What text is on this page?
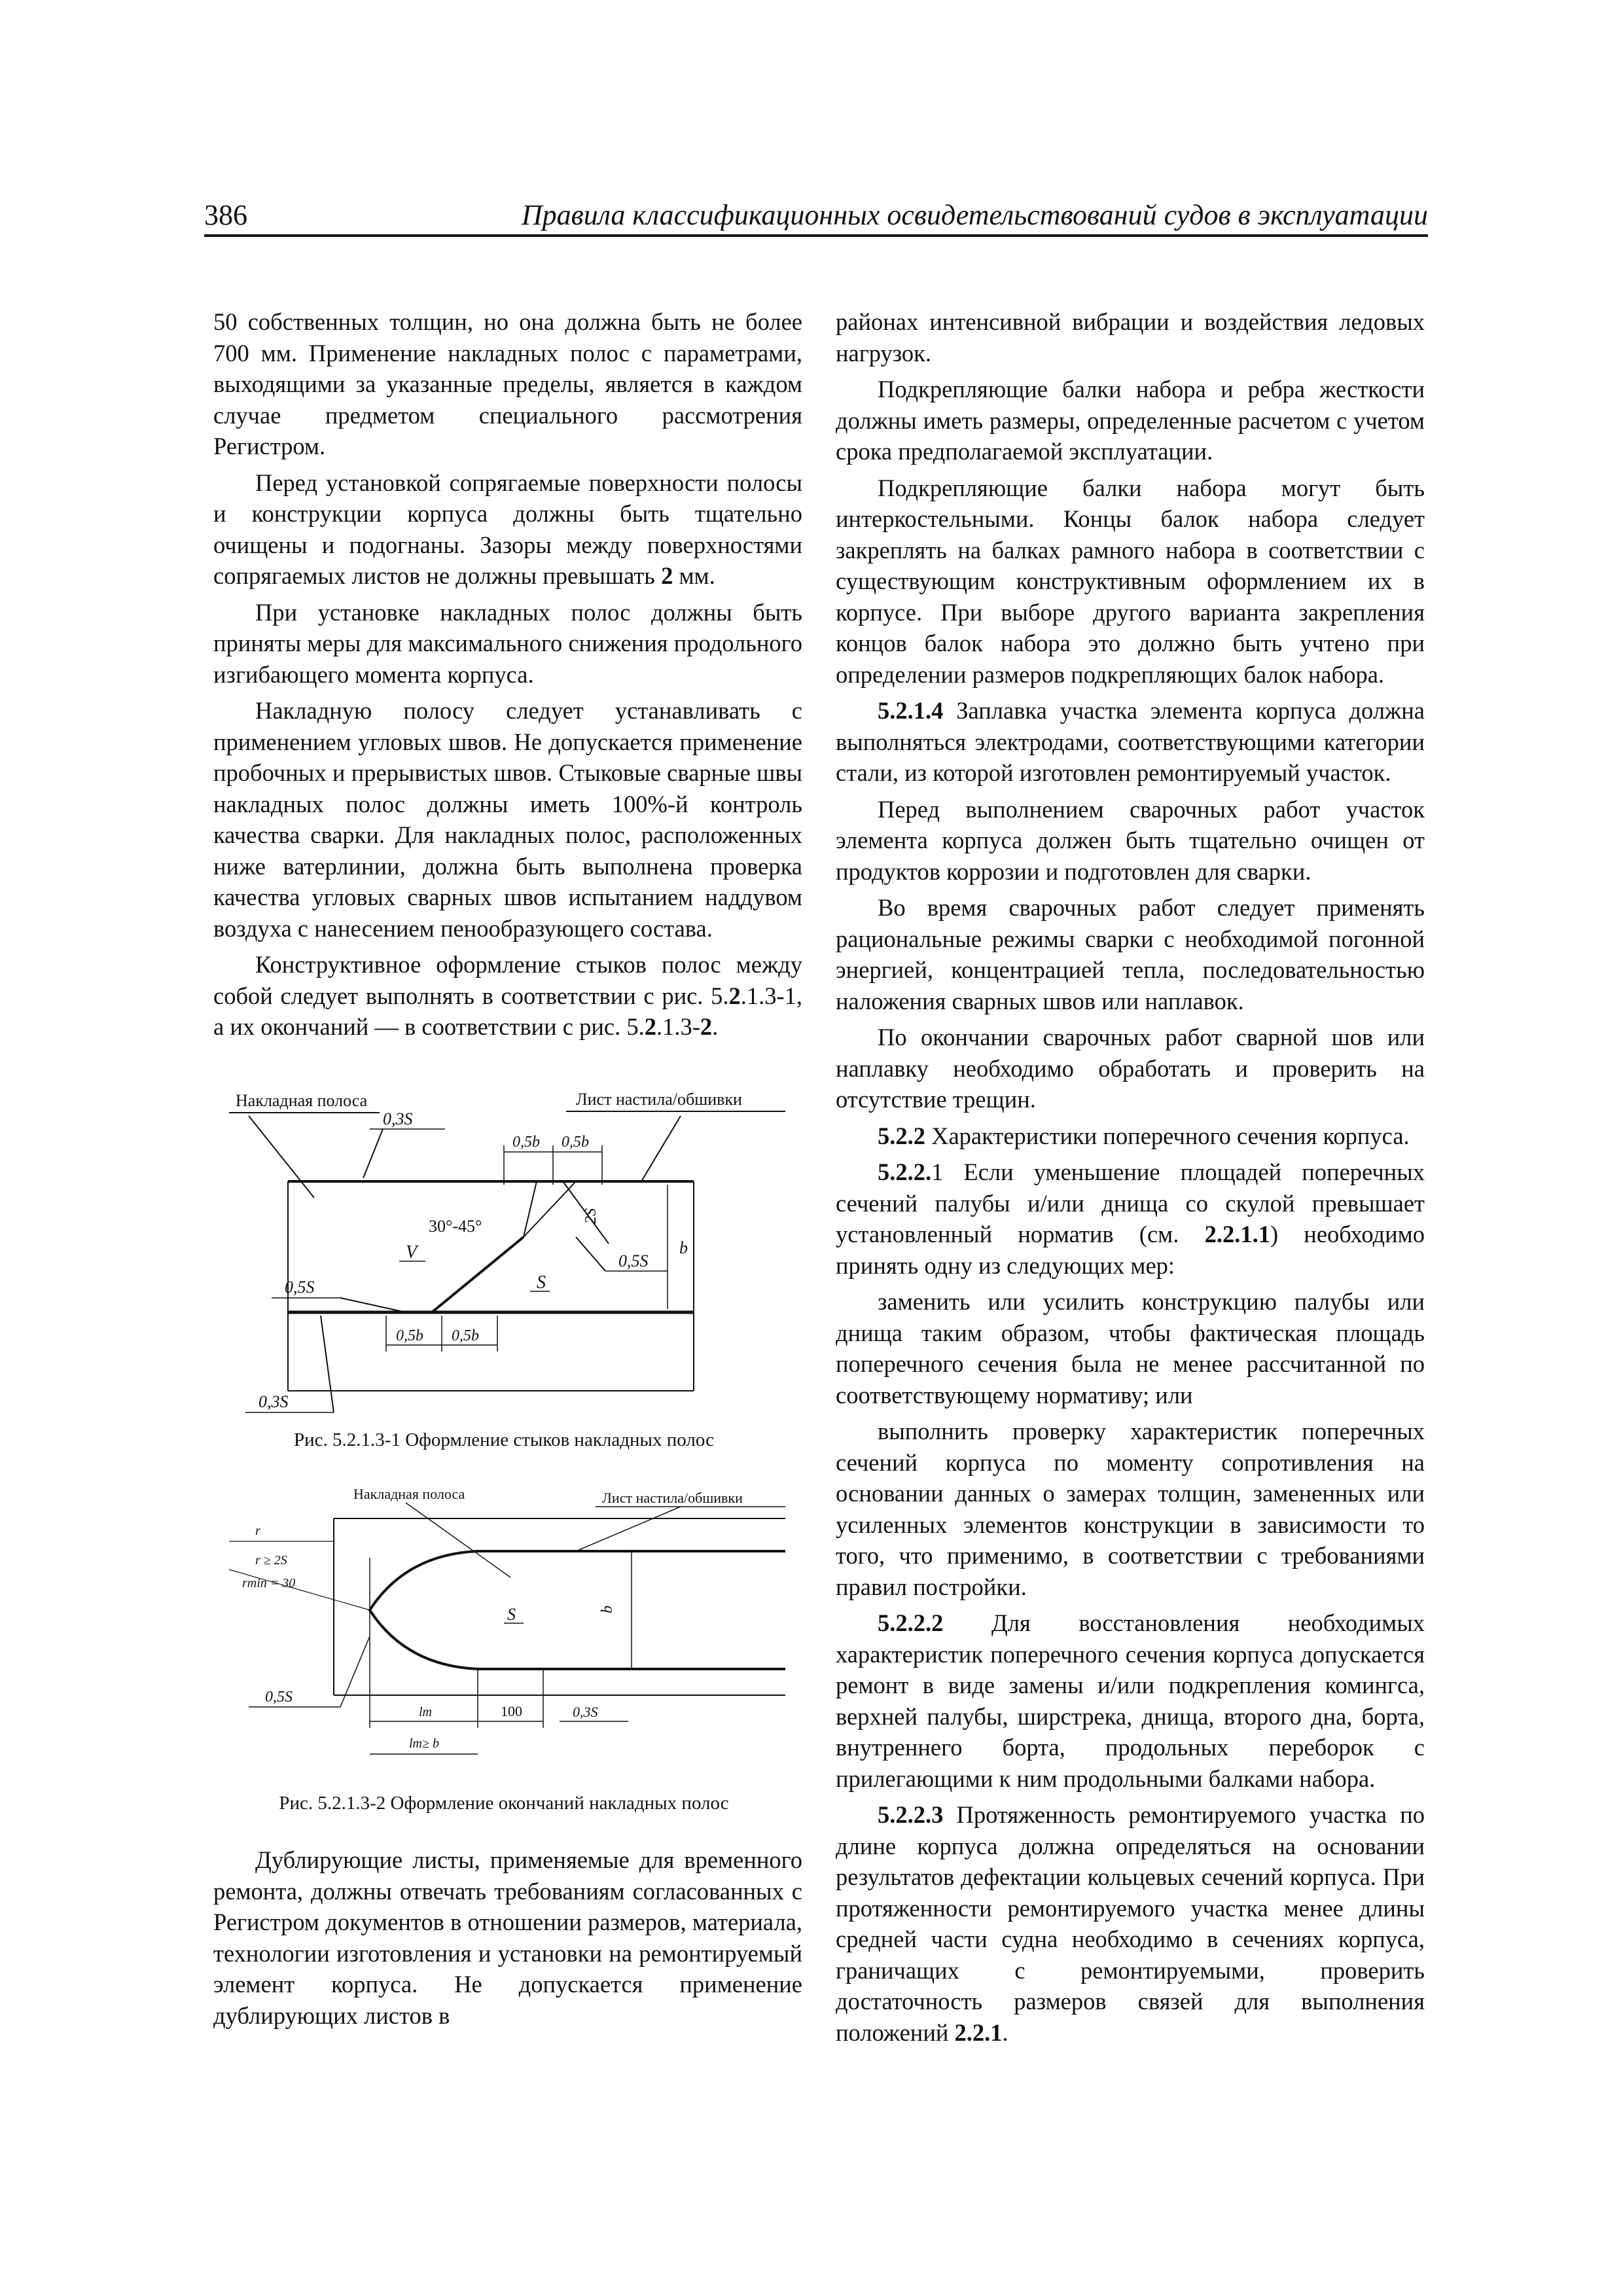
386	Правила классификационных освидетельствований судов в эксплуатации

50 собственных толщин, но она должна быть не более 700 мм. Применение накладных полос с параметрами, выходящими за указанные пределы, является в каждом случае предметом специального рассмотрения Регистром.

Перед установкой сопрягаемые поверхности полосы и конструкции корпуса должны быть тщательно очищены и подогнаны. Зазоры между поверхностями сопрягаемых листов не должны превышать 2 мм.

При установке накладных полос должны быть приняты меры для максимального снижения продольного изгибающего момента корпуса.

Накладную полосу следует устанавливать с применением угловых швов. Не допускается применение пробочных и прерывистых швов. Стыковые сварные швы накладных полос должны иметь 100%-й контроль качества сварки. Для накладных полос, расположенных ниже ватерлинии, должна быть выполнена проверка качества угловых сварных швов испытанием наддувом воздуха с нанесением пенообразующего состава.

Конструктивное оформление стыков полос между собой следует выполнять в соответствии с рис. 5.2.1.3-1, а их окончаний — в соответствии с рис. 5.2.1.3-2.

Накладная полоса	Лист настила/обшивки
0,5b 0,5b
0,5b 0,5b
b
2S
30°-45°
V
S
0,3S
0,5S
0,5S
0,3S
Рис. 5.2.1.3-1 Оформление стыков накладных полос
Накладная полоса	Лист настила/обшивки
b
S
r
r ≥ 2S
rmin = 30
0,5S
0,3S
lm	100
lm≥ b
Рис. 5.2.1.3-2 Оформление окончаний накладных полос

Дублирующие листы, применяемые для временного ремонта, должны отвечать требованиям согласованных с Регистром документов в отношении размеров, материала, технологии изготовления и установки на ремонтируемый элемент корпуса. Не допускается применение дублирующих листов в

районах интенсивной вибрации и воздействия ледовых нагрузок.

Подкрепляющие балки набора и ребра жесткости должны иметь размеры, определенные расчетом с учетом срока предполагаемой эксплуатации.

Подкрепляющие балки набора могут быть интеркостельными. Концы балок набора следует закреплять на балках рамного набора в соответствии с существующим конструктивным оформлением их в корпусе. При выборе другого варианта закрепления концов балок набора это должно быть учтено при определении размеров подкрепляющих балок набора.

5.2.1.4 Заплавка участка элемента корпуса должна выполняться электродами, соответствующими категории стали, из которой изготовлен ремонтируемый участок.

Перед выполнением сварочных работ участок элемента корпуса должен быть тщательно очищен от продуктов коррозии и подготовлен для сварки.

Во время сварочных работ следует применять рациональные режимы сварки с необходимой погонной энергией, концентрацией тепла, последовательностью наложения сварных швов или наплавок.

По окончании сварочных работ сварной шов или наплавку необходимо обработать и проверить на отсутствие трещин.

5.2.2 Характеристики поперечного сечения корпуса.

5.2.2.1 Если уменьшение площадей поперечных сечений палубы и/или днища со скулой превышает установленный норматив (см. 2.2.1.1) необходимо принять одну из следующих мер:

заменить или усилить конструкцию палубы или днища таким образом, чтобы фактическая площадь поперечного сечения была не менее рассчитанной по соответствующему нормативу; или

выполнить проверку характеристик поперечных сечений корпуса по моменту сопротивления на основании данных о замерах толщин, замененных или усиленных элементов конструкции в зависимости то того, что применимо, в соответствии с требованиями правил постройки.

5.2.2.2 Для восстановления необходимых характеристик поперечного сечения корпуса допускается ремонт в виде замены и/или подкрепления комингса, верхней палубы, ширстрека, днища, второго дна, борта, внутреннего борта, продольных переборок с прилегающими к ним продольными балками набора.

5.2.2.3 Протяженность ремонтируемого участка по длине корпуса должна определяться на основании результатов дефектации кольцевых сечений корпуса. При протяженности ремонтируемого участка менее длины средней части судна необходимо в сечениях корпуса, граничащих с ремонтируемыми, проверить достаточность размеров связей для выполнения положений 2.2.1.
